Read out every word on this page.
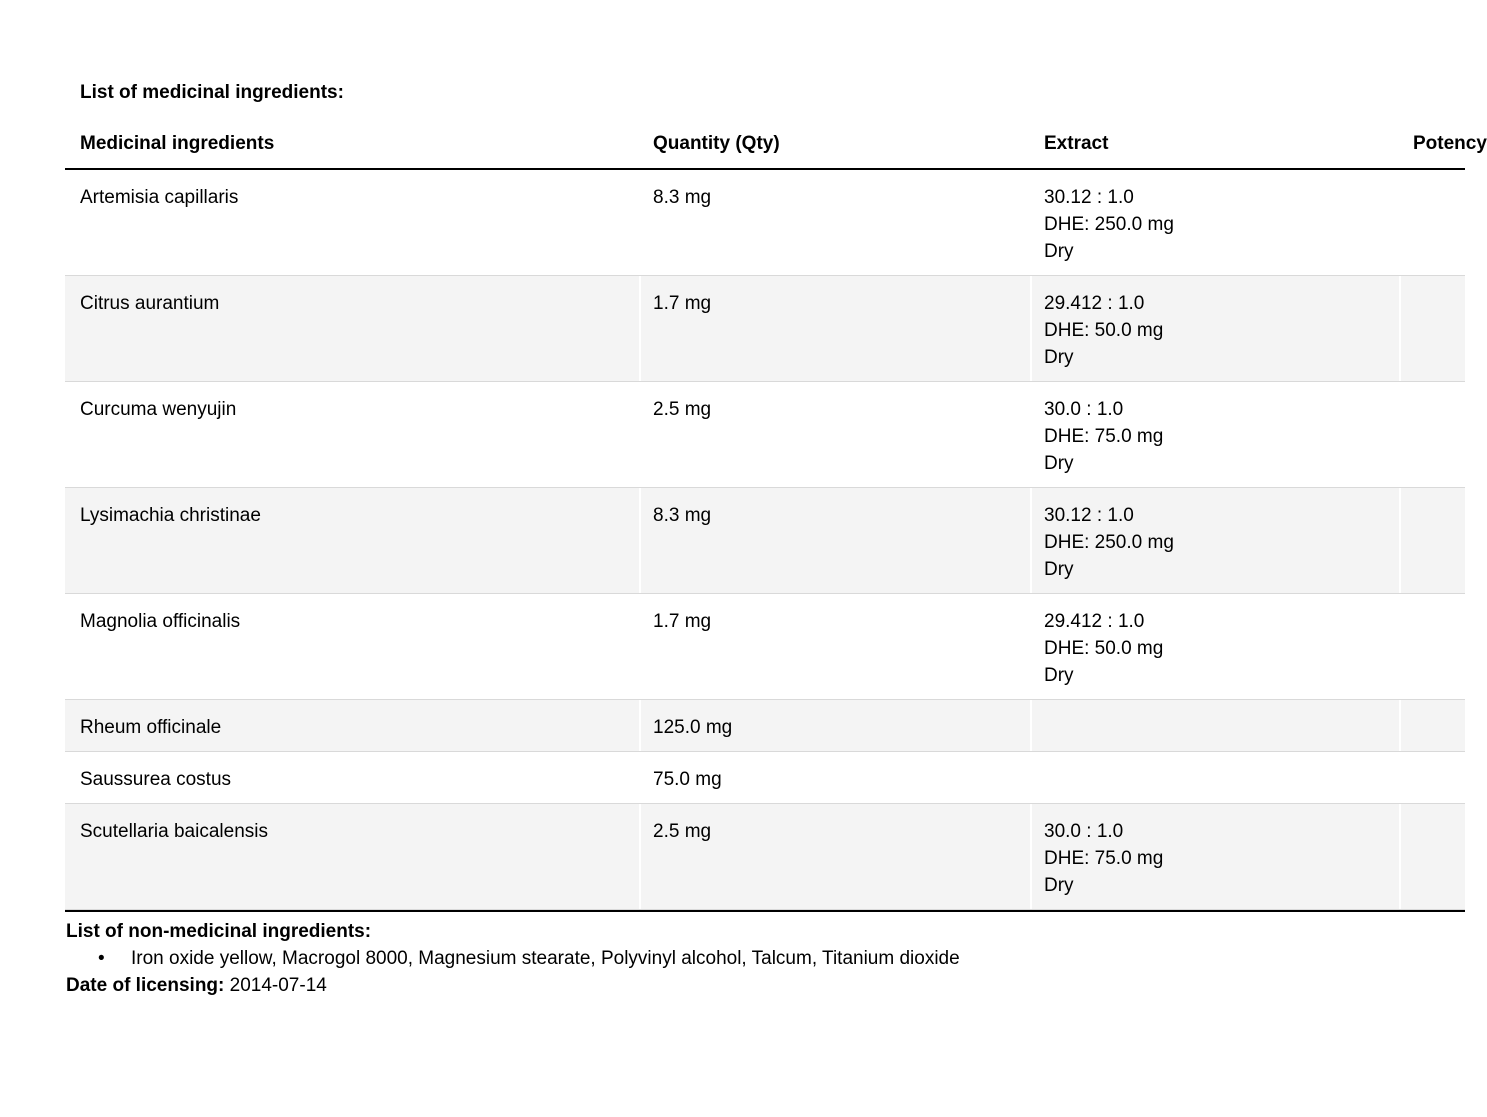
List of medicinal ingredients:
Medicinal ingredients	Quantity (Qty)	Extract	Potency
Artemisia capillaris	8.3 mg	30.12 : 1.0
DHE: 250.0 mg
Dry
Citrus aurantium	1.7 mg	29.412 : 1.0
DHE: 50.0 mg
Dry
Curcuma wenyujin	2.5 mg	30.0 : 1.0
DHE: 75.0 mg
Dry
Lysimachia christinae	8.3 mg	30.12 : 1.0
DHE: 250.0 mg
Dry
Magnolia officinalis	1.7 mg	29.412 : 1.0
DHE: 50.0 mg
Dry
Rheum officinale	125.0 mg
Saussurea costus	75.0 mg
Scutellaria baicalensis	2.5 mg	30.0 : 1.0
DHE: 75.0 mg
Dry
List of non-medicinal ingredients:
• Iron oxide yellow, Macrogol 8000, Magnesium stearate, Polyvinyl alcohol, Talcum, Titanium dioxide
Date of licensing: 2014-07-14
